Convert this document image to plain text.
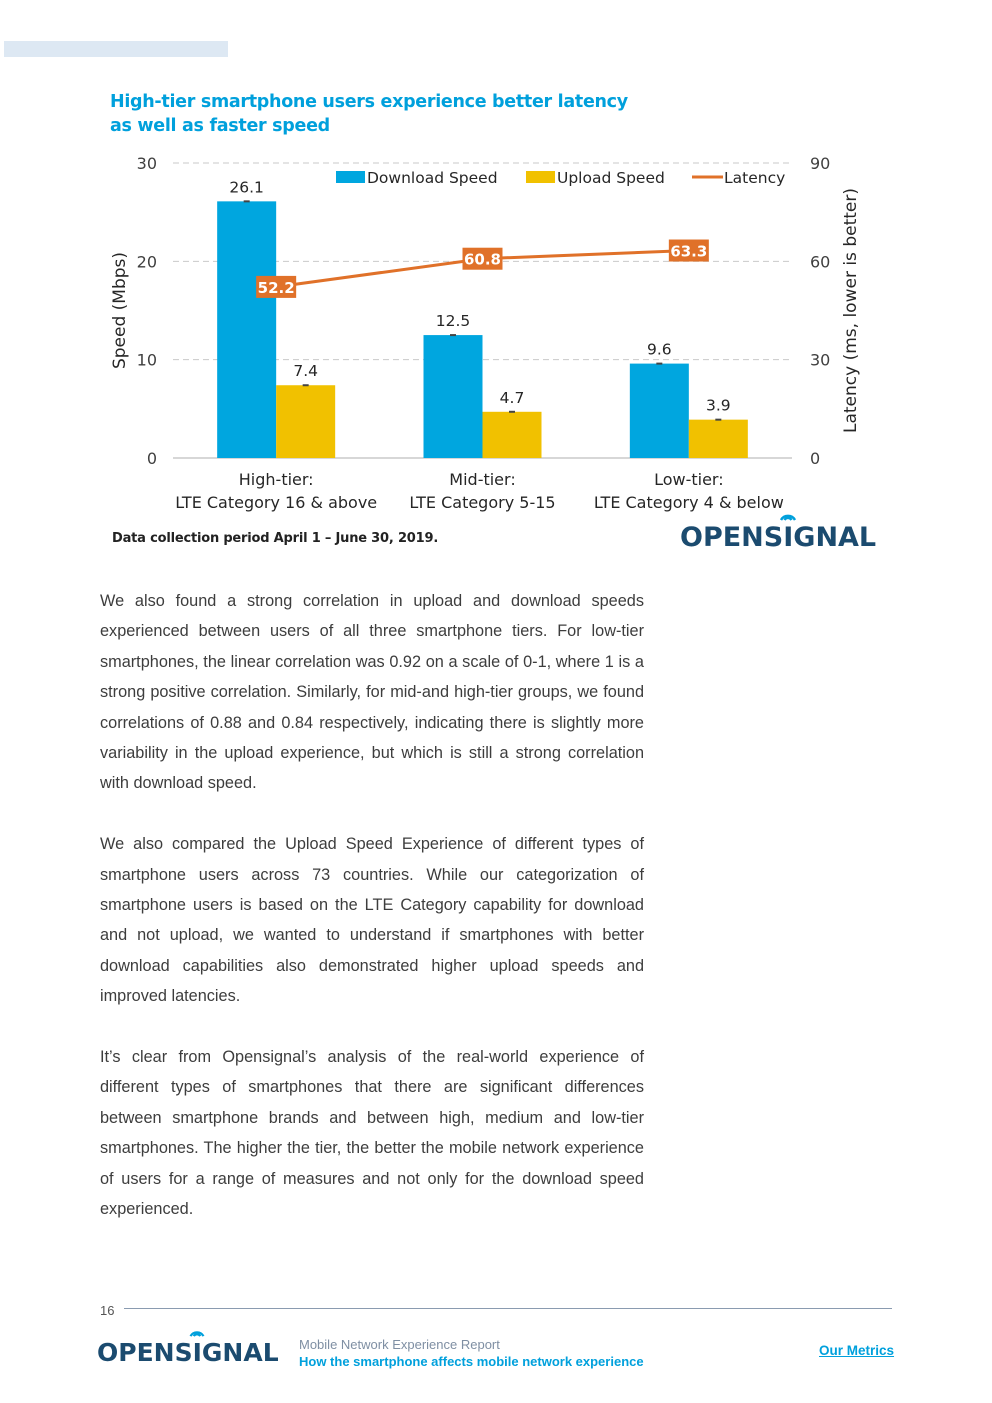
High-tier smartphone users experience better latency
as well as faster speed
0
10
20
30
0
30
60
90
Speed (Mbps)	Latency (ms, lower is better)
26.1
7.4
High-tier:
LTE Category 16 & above
12.5
4.7
Mid-tier:
LTE Category 5-15
9.6
3.9
Low-tier:
LTE Category 4 & below
52.2
60.8	63.3
Download Speed	Upload Speed	Latency
Data collection period April 1 – June 30, 2019.	OPENSI
GNAL

We also found a strong correlation in upload and download speeds experienced between users of all three smartphone tiers. For low-tier smartphones, the linear correlation was 0.92 on a scale of 0-1, where 1 is a strong positive correlation. Similarly, for mid-and high-tier groups, we found correlations of 0.88 and 0.84 respectively, indicating there is slightly more variability in the upload experience, but which is still a strong correlation with download speed.

We also compared the Upload Speed Experience of different types of smartphone users across 73 countries. While our categorization of smartphone users is based on the LTE Category capability for download and not upload, we wanted to understand if smartphones with better download capabilities also demonstrated higher upload speeds and improved latencies.

It’s clear from Opensignal’s analysis of the real-world experience of different types of smartphones that there are significant differences between smartphone brands and between high, medium and low-tier smartphones. The higher the tier, the better the mobile network experience of users for a range of measures and not only for the download speed experienced.

16
OPENSI
GNAL Mobile Network Experience Report
How the smartphone affects mobile network experience
Our Metrics
